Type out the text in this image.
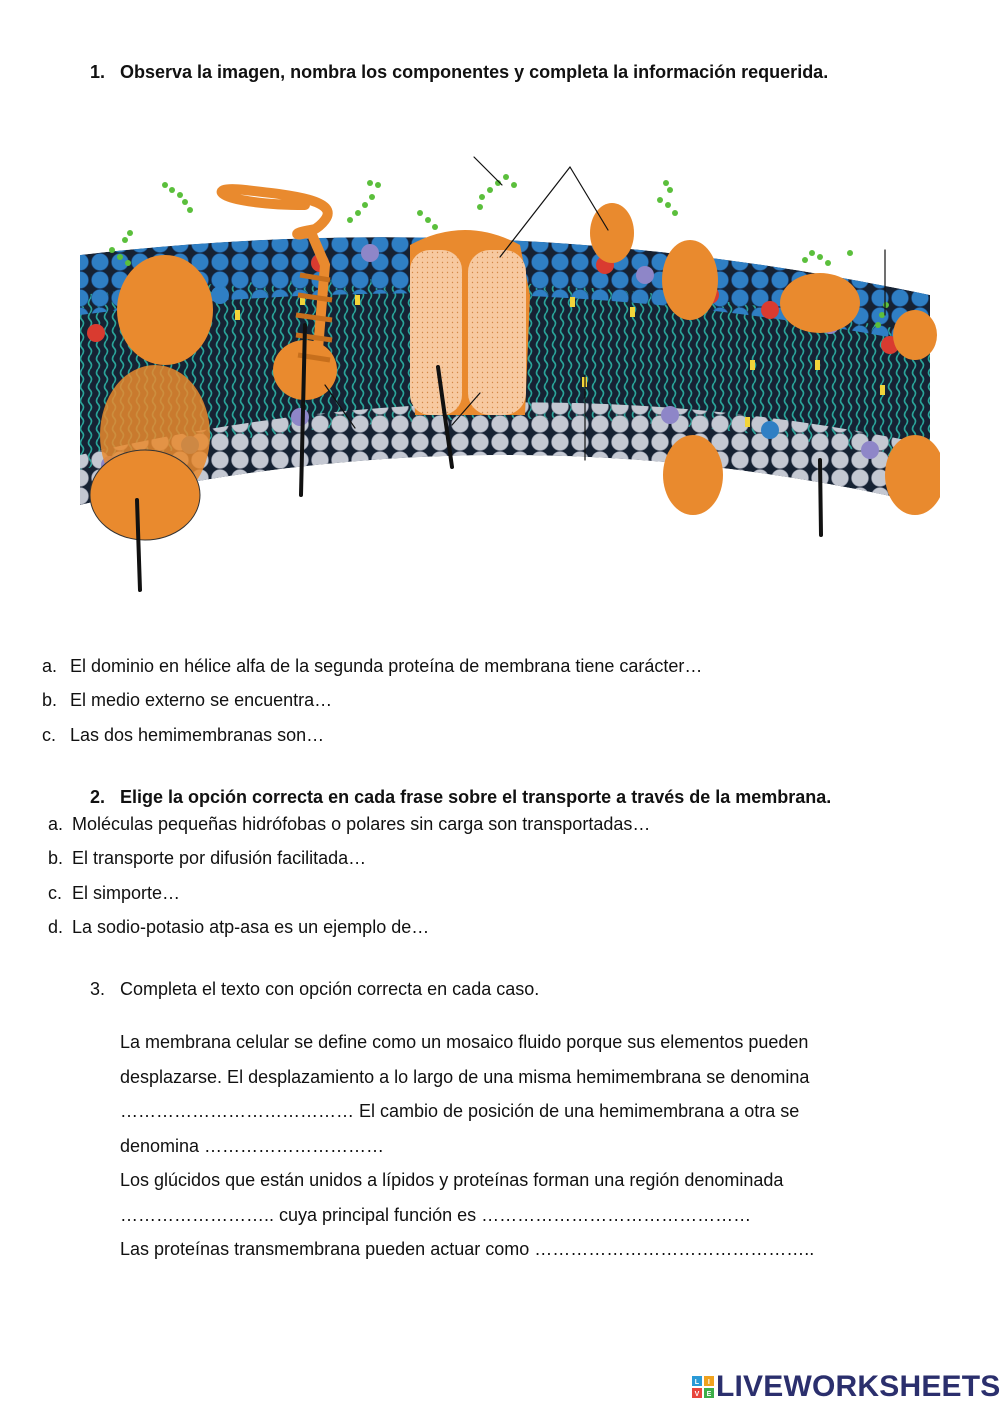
1. Observa la imagen, nombra los componentes y completa la información requerida.
a. El dominio en hélice alfa de la segunda proteína de membrana tiene carácter…
b. El medio externo se encuentra…
c. Las dos hemimembranas son…
2. Elige la opción correcta en cada frase sobre el transporte a través de la membrana.
a. Moléculas pequeñas hidrófobas o polares sin carga son transportadas…
b. El transporte por difusión facilitada…
c. El simporte…
d. La sodio-potasio atp-asa es un ejemplo de…
3. Completa el texto con opción correcta en cada caso.
La membrana celular se define como un mosaico fluido porque sus elementos pueden
desplazarse. El desplazamiento a lo largo de una misma hemimembrana se denomina
………………………………… El cambio de posición de una hemimembrana a otra se
denomina …………………………
Los glúcidos que están unidos a lípidos y proteínas forman una región denominada
…………………….. cuya principal función es ………………………………………
Las proteínas transmembrana pueden actuar como ………………………………………..
L I
V E LIVEWORKSHEETS
